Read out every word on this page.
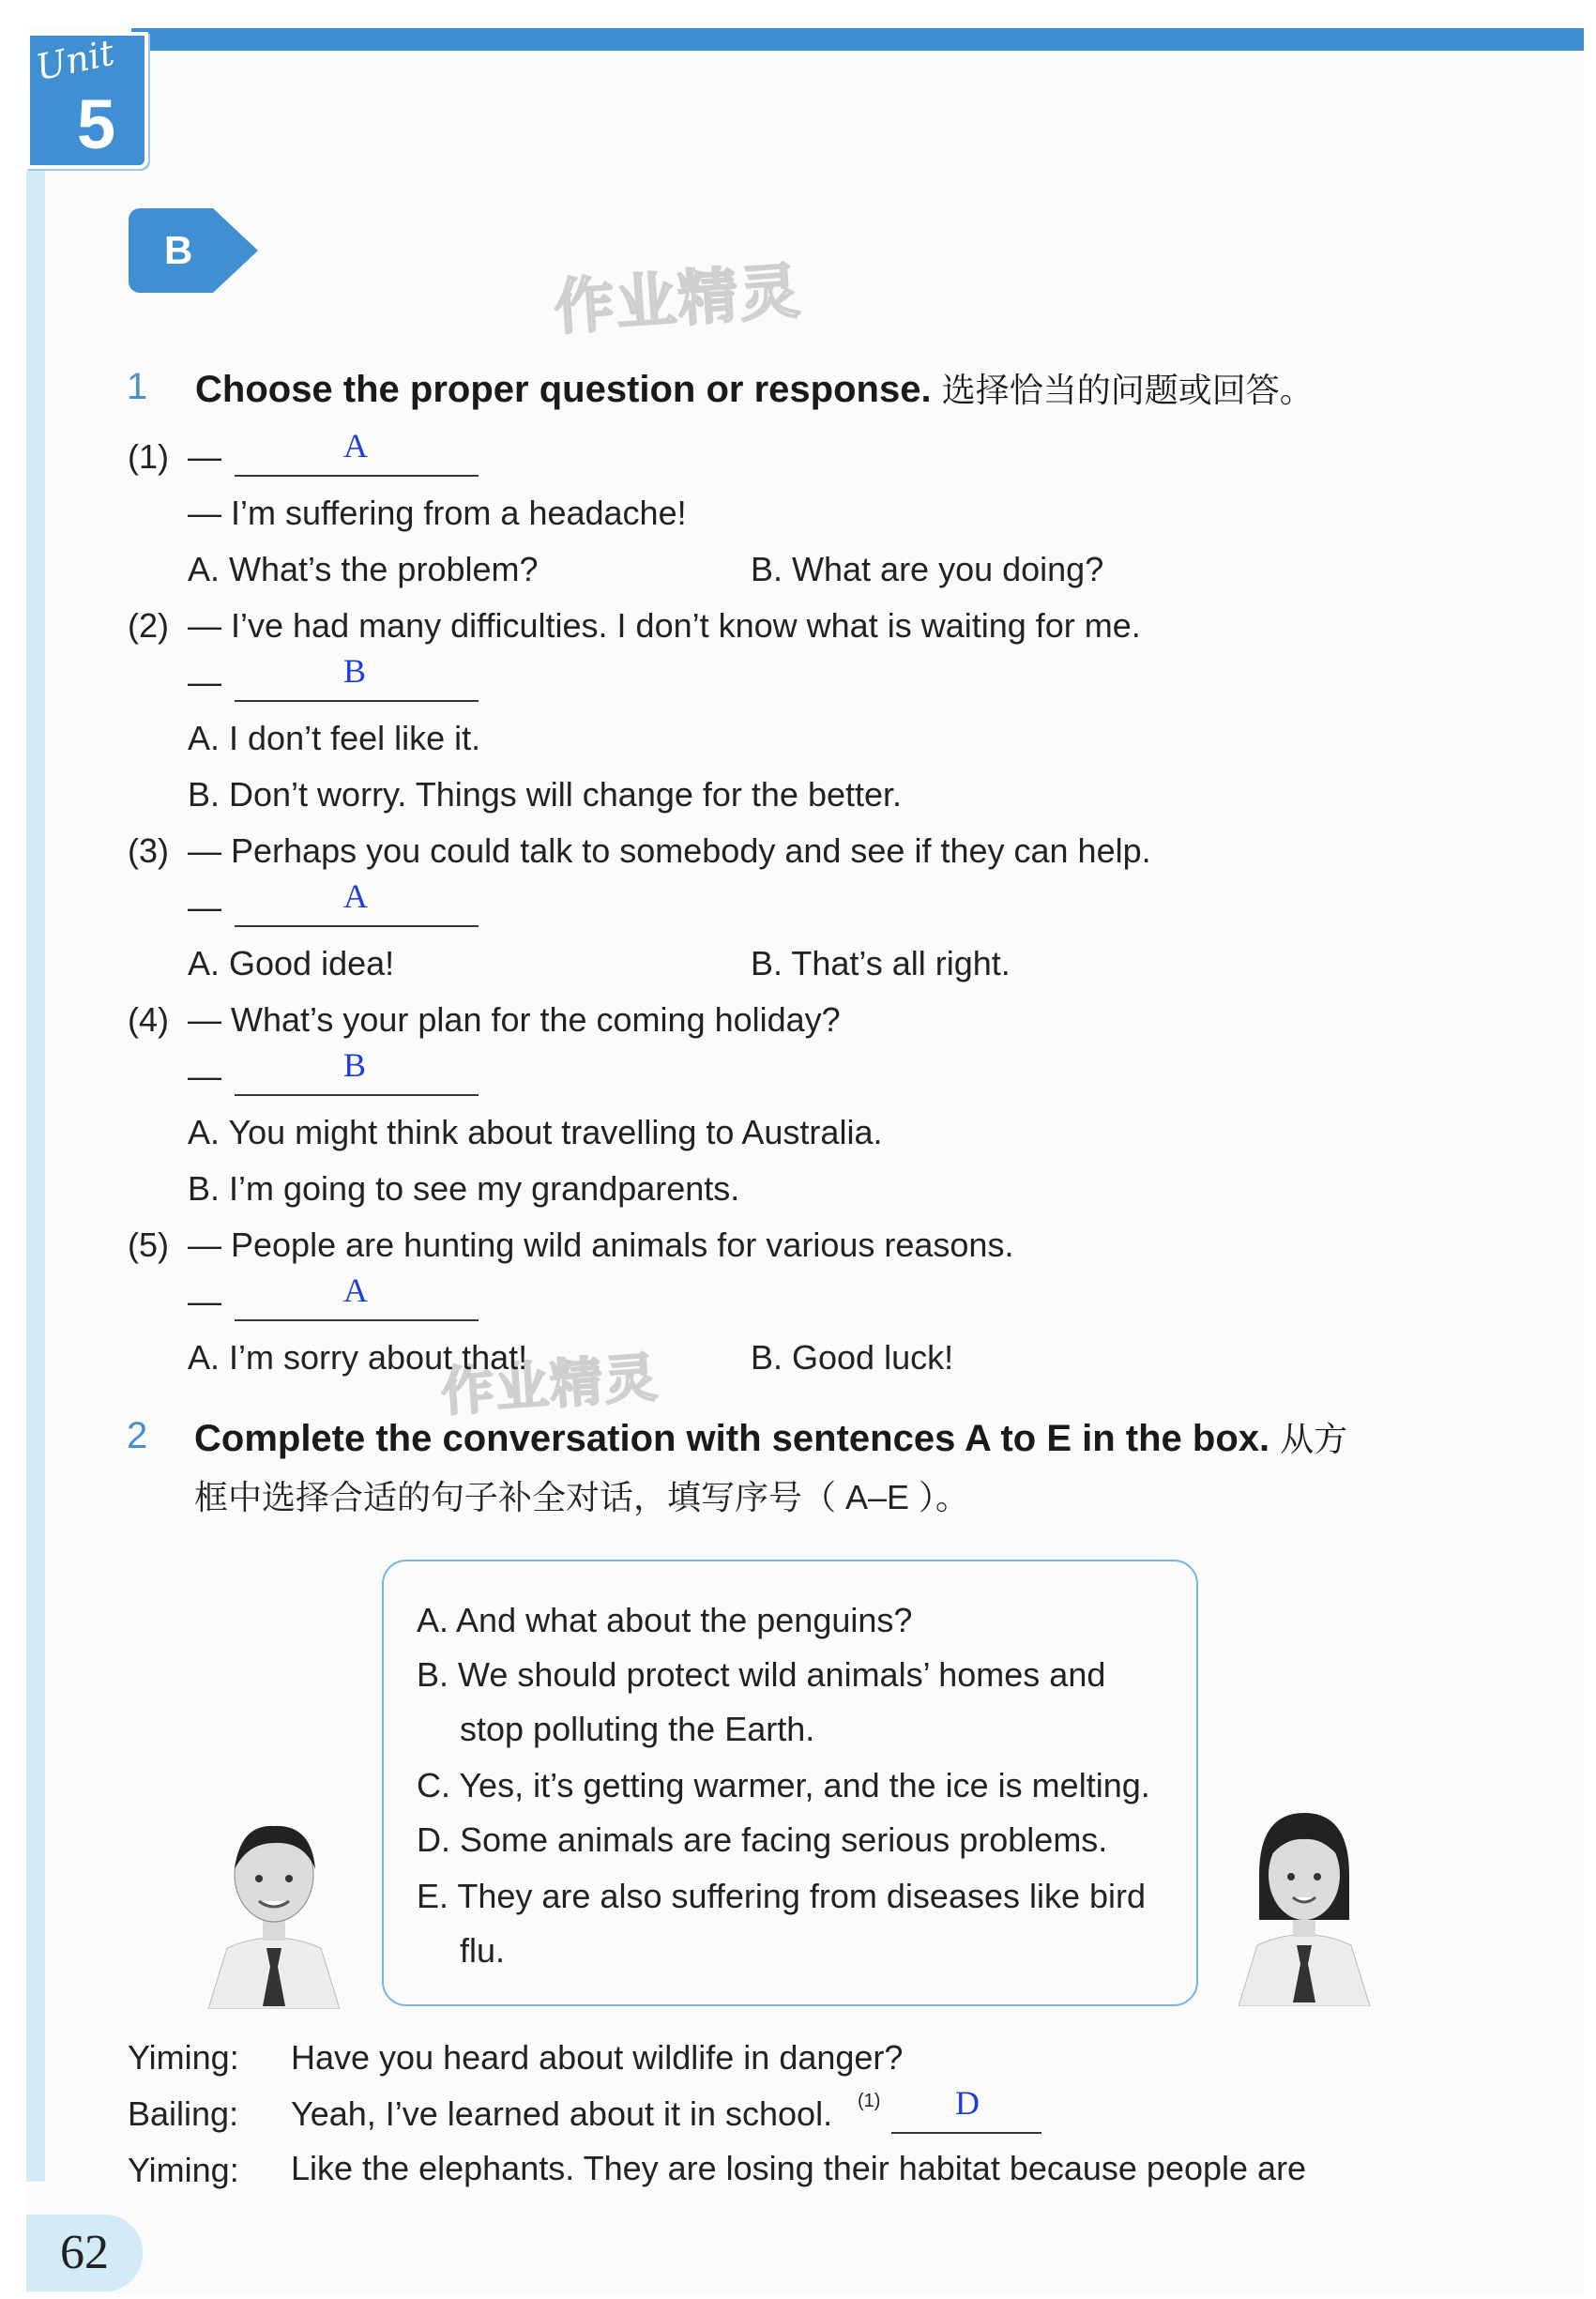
Unit
5
B
作业精灵
作业精灵
1 Choose the proper question or response. 选择恰当的问题或回答。
(1) —	A
— I’m suffering from a headache!
A. What’s the problem?	B. What are you doing?
(2) — I’ve had many difficulties. I don’t know what is waiting for me.
—	B
A. I don’t feel like it.
B. Don’t worry. Things will change for the better.
(3) — Perhaps you could talk to somebody and see if they can help.
—	A
A. Good idea!	B. That’s all right.
(4) — What’s your plan for the coming holiday?
—	B
A. You might think about travelling to Australia.
B. I’m going to see my grandparents.
(5) — People are hunting wild animals for various reasons.
—	A
A. I’m sorry about that!	B. Good luck!
2 Complete the conversation with sentences A to E in the box. 从方
框中选择合适的句子补全对话，填写序号（ A–E ）。
A. And what about the penguins?
B. We should protect wild animals’ homes and
stop polluting the Earth.
C. Yes, it’s getting warmer, and the ice is melting.
D. Some animals are facing serious problems.
E. They are also suffering from diseases like bird
flu.
Yiming: Have you heard about wildlife in danger?
Bailing: Yeah, I’ve learned about it in school. (1) D
Yiming: Like the elephants. They are losing their habitat because people are
62
